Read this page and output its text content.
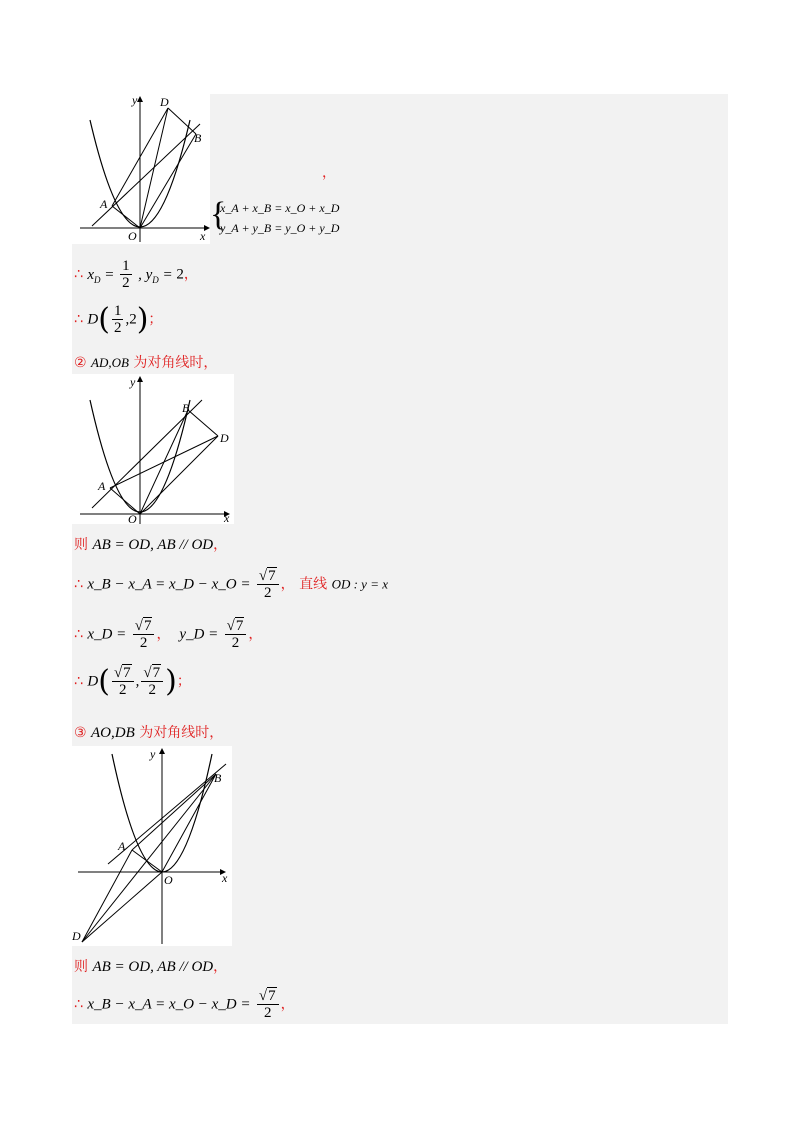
y
x
O
A
B
D
，
{
x_A + x_B = x_O + x_D
y_A + y_B = y_O + y_D
∴ $x_D = \frac{1}{2}$ , $y_D = 2$，
∴ $D( \frac{1}{2} ,2)$；
② AD,OB 为对角线时，
y
x
O
A
B
D
则 AB = OD, AB // OD，
∴ x_B − x_A = x_D − x_O = $\frac{√7}{2}$ ， 直线 OD : y = x
∴ x_D = $\frac{√7}{2}$ ， y_D = $\frac{√7}{2}$ ，
∴ $D( \frac{√7}{2}$ , $\frac{√7}{2}$ )；
③ AO,DB 为对角线时，
y
x
O
A
B
D
则 AB = OD, AB // OD，
∴ x_B − x_A = x_O − x_D = $\frac{√7}{2}$ ，
